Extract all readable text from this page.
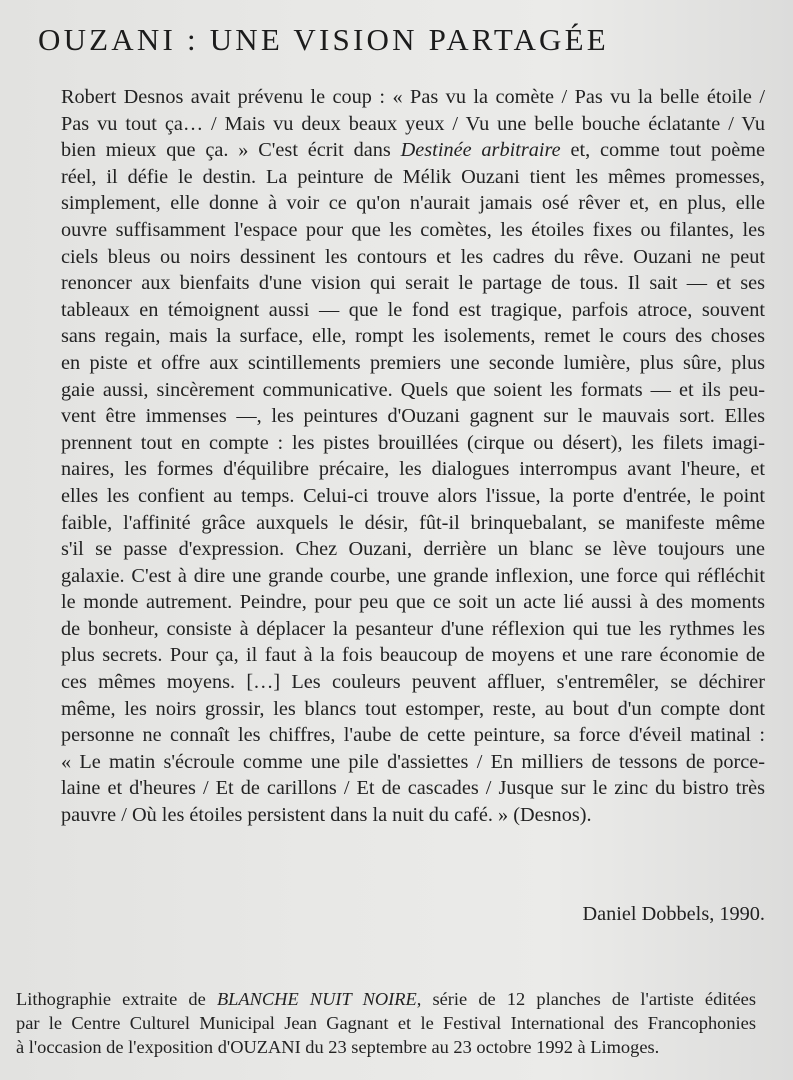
OUZANI : UNE VISION PARTAGÉE
Robert Desnos avait prévenu le coup : « Pas vu la comète / Pas vu la belle étoile /
Pas vu tout ça… / Mais vu deux beaux yeux / Vu une belle bouche éclatante / Vu
bien mieux que ça. » C'est écrit dans Destinée arbitraire et, comme tout poème
réel, il défie le destin. La peinture de Mélik Ouzani tient les mêmes promesses,
simplement, elle donne à voir ce qu'on n'aurait jamais osé rêver et, en plus, elle
ouvre suffisamment l'espace pour que les comètes, les étoiles fixes ou filantes, les
ciels bleus ou noirs dessinent les contours et les cadres du rêve. Ouzani ne peut
renoncer aux bienfaits d'une vision qui serait le partage de tous. Il sait — et ses
tableaux en témoignent aussi — que le fond est tragique, parfois atroce, souvent
sans regain, mais la surface, elle, rompt les isolements, remet le cours des choses
en piste et offre aux scintillements premiers une seconde lumière, plus sûre, plus
gaie aussi, sincèrement communicative. Quels que soient les formats — et ils peu-
vent être immenses —, les peintures d'Ouzani gagnent sur le mauvais sort. Elles
prennent tout en compte : les pistes brouillées (cirque ou désert), les filets imagi-
naires, les formes d'équilibre précaire, les dialogues interrompus avant l'heure, et
elles les confient au temps. Celui-ci trouve alors l'issue, la porte d'entrée, le point
faible, l'affinité grâce auxquels le désir, fût-il brinquebalant, se manifeste même
s'il se passe d'expression. Chez Ouzani, derrière un blanc se lève toujours une
galaxie. C'est à dire une grande courbe, une grande inflexion, une force qui réfléchit
le monde autrement. Peindre, pour peu que ce soit un acte lié aussi à des moments
de bonheur, consiste à déplacer la pesanteur d'une réflexion qui tue les rythmes les
plus secrets. Pour ça, il faut à la fois beaucoup de moyens et une rare économie de
ces mêmes moyens. […] Les couleurs peuvent affluer, s'entremêler, se déchirer
même, les noirs grossir, les blancs tout estomper, reste, au bout d'un compte dont
personne ne connaît les chiffres, l'aube de cette peinture, sa force d'éveil matinal :
« Le matin s'écroule comme une pile d'assiettes / En milliers de tessons de porce-
laine et d'heures / Et de carillons / Et de cascades / Jusque sur le zinc du bistro très
pauvre / Où les étoiles persistent dans la nuit du café. » (Desnos).
Daniel Dobbels, 1990.
Lithographie extraite de BLANCHE NUIT NOIRE, série de 12 planches de l'artiste éditées
par le Centre Culturel Municipal Jean Gagnant et le Festival International des Francophonies
à l'occasion de l'exposition d'OUZANI du 23 septembre au 23 octobre 1992 à Limoges.
